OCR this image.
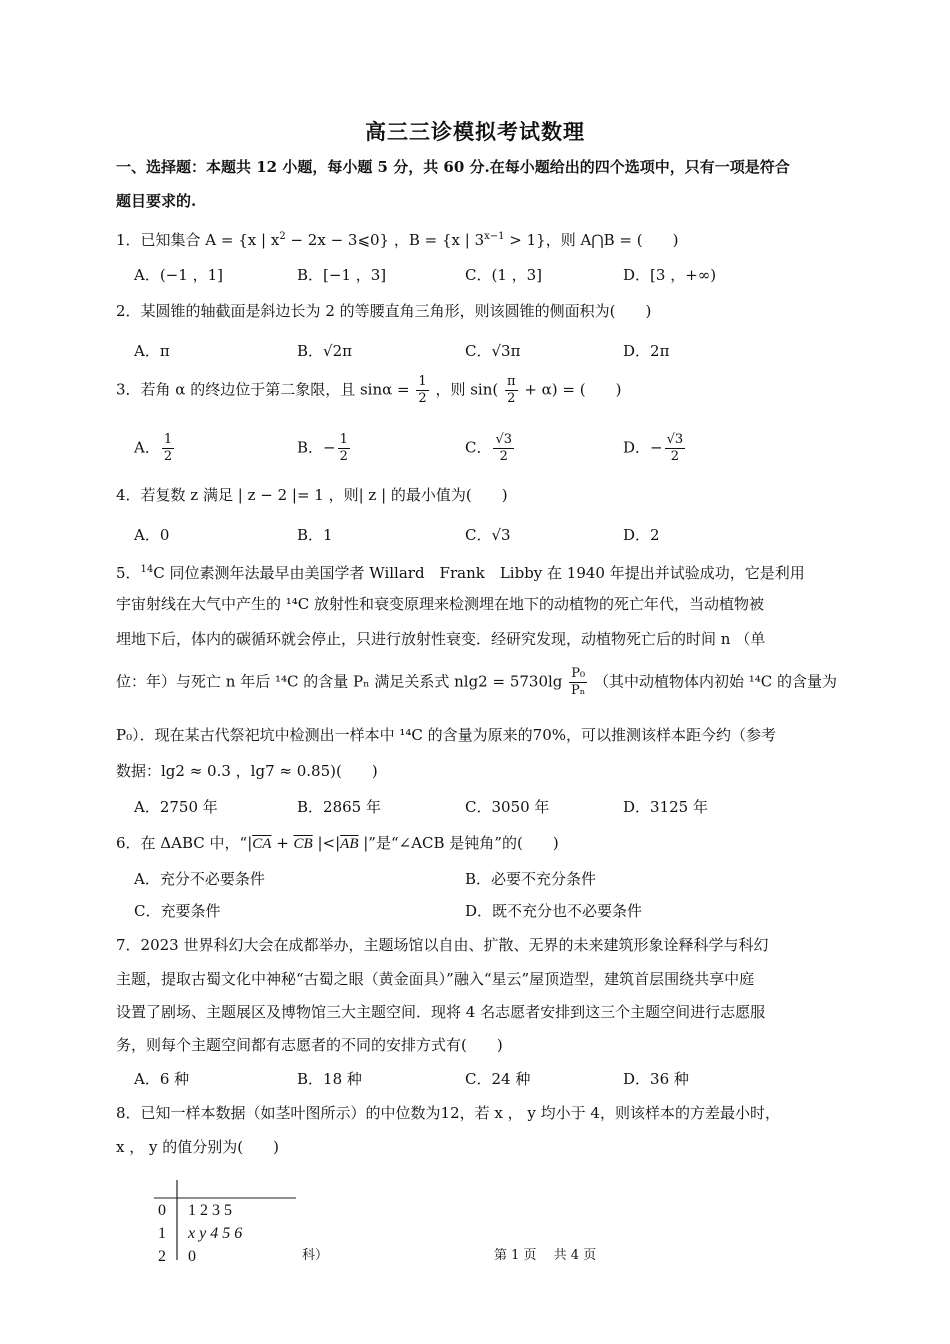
高三三诊模拟考试数理
一、选择题：本题共 12 小题，每小题 5 分，共 60 分.在每小题给出的四个选项中，只有一项是符合
题目要求的.
1．已知集合 A = {x | $x^2 - 2x$ − 3⩽0} ，B = {x | $3^{x-1} > 1$}，则 A⋂B = (　　)
A．(−1 ，1]	B．[−1 ，3]	C．(1 ，3]	D．[3 ，+∞)
2．某圆锥的轴截面是斜边长为 2 的等腰直角三角形，则该圆锥的侧面积为(　　)
A．π	B．√2π	C．√3π	D．2π
3．若角 α 的终边位于第二象限，且 $\sin\alpha = \frac{1}{2}$ ，则 $\sin( \frac{\pi}{2} + \alpha)$ = (　　)
A． $\frac{1}{2}$	B．− $\frac{1}{2}$	C． $\frac{√3}{2}$	D．− $\frac{√3}{2}$
4．若复数 z 满足 | z − 2 |= 1 ，则| z | 的最小值为(　　)
A．0	B．1	C．√3	D．2
5．$^{14}$C 同位素测年法最早由美国学者 Willard　Frank　Libby 在 1940 年提出并试验成功，它是利用
宇宙射线在大气中产生的 ¹⁴C 放射性和衰变原理来检测埋在地下的动植物的死亡年代，当动植物被
埋地下后，体内的碳循环就会停止，只进行放射性衰变．经研究发现，动植物死亡后的时间 n （单
位：年）与死亡 n 年后 ¹⁴C 的含量 Pₙ 满足关系式 $nlg2 = 5730\lg \frac{\text{P₀}}{\text{Pₙ}}$ （其中动植物体内初始 ¹⁴C 的含量为
P₀）．现在某古代祭祀坑中检测出一样本中 ¹⁴C 的含量为原来的70%，可以推测该样本距今约（参考
数据：lg2 ≈ 0.3 ，lg7 ≈ 0.85)(　　)
A．2750 年	B．2865 年	C．3050 年	D．3125 年
6．在 ΔABC 中，“$|\overline{CA} + \overline{CB}$ $|<|\overline{AB}$ |”是“∠ACB 是钝角”的(　　)
A．充分不必要条件	B．必要不充分条件
C．充要条件	D．既不充分也不必要条件
7．2023 世界科幻大会在成都举办，主题场馆以自由、扩散、无界的未来建筑形象诠释科学与科幻
主题，提取古蜀文化中神秘“古蜀之眼（黄金面具）”融入“星云”屋顶造型，建筑首层围绕共享中庭
设置了剧场、主题展区及博物馆三大主题空间．现将 4 名志愿者安排到这三个主题空间进行志愿服
务，则每个主题空间都有志愿者的不同的安排方式有(　　)
A．6 种	B．18 种	C．24 种	D．36 种
8．已知一样本数据（如茎叶图所示）的中位数为12，若 x ， y 均小于 4，则该样本的方差最小时，
x ， y 的值分别为(　　)
0 1 2 3 5
1 x y 4 5 6
2 0	科）	第 1 页　 共 4 页
